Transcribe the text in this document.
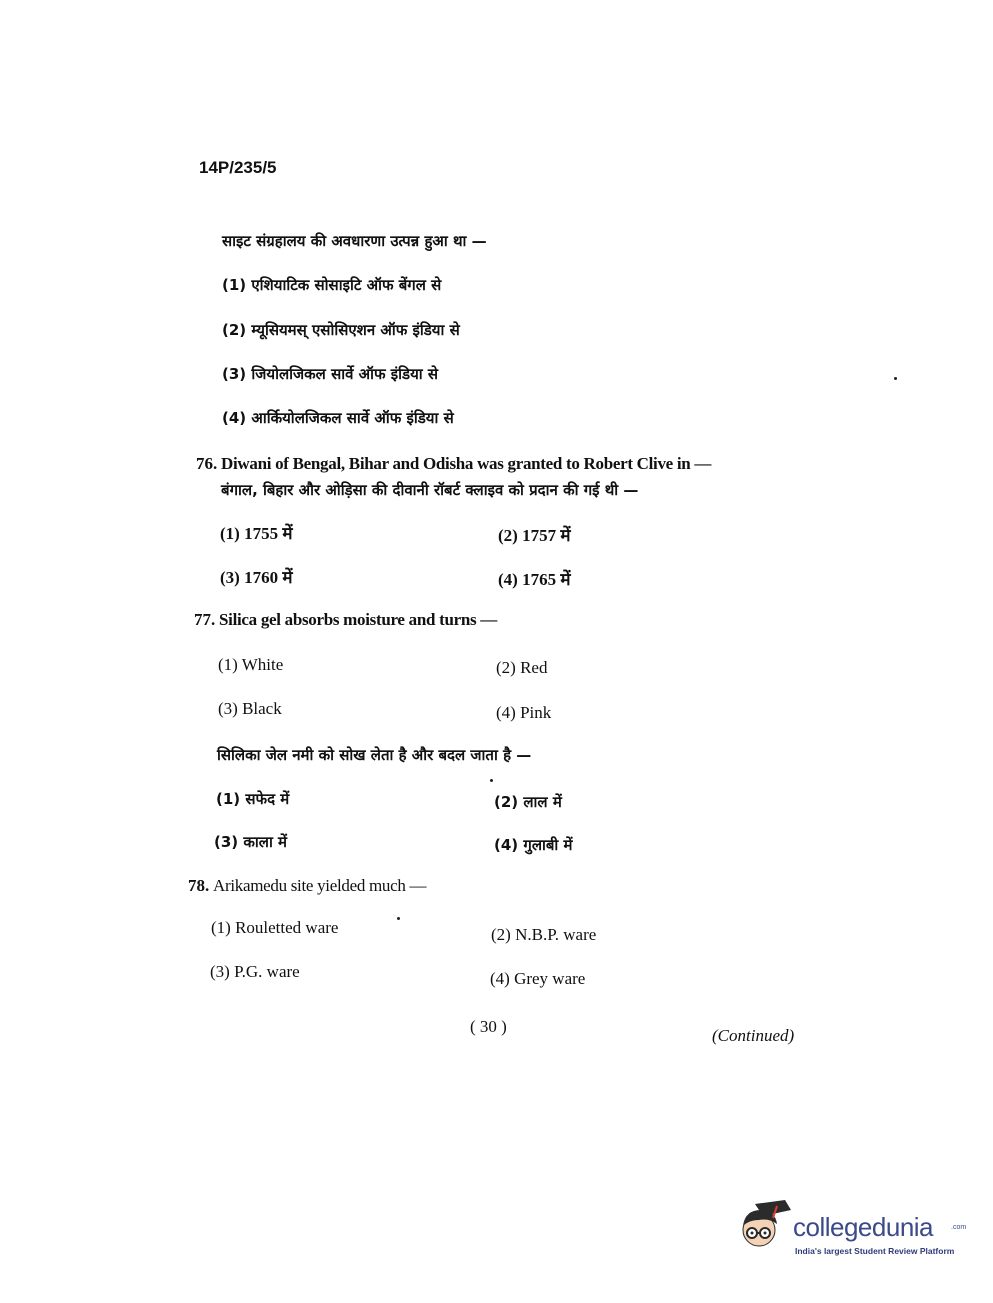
14P/235/5
साइट संग्रहालय की अवधारणा उत्पन्न हुआ था —
(1) एशियाटिक सोसाइटि ऑफ बेंगल से
(2) म्यूसियमस् एसोसिएशन ऑफ इंडिया से
(3) जियोलजिकल सार्वे ऑफ इंडिया से
(4) आर्कियोलजिकल सार्वे ऑफ इंडिया से
76. Diwani of Bengal, Bihar and Odisha was granted to Robert Clive in —
बंगाल, बिहार और ओड़िसा की दीवानी रॉबर्ट क्लाइव को प्रदान की गई थी —
(1) 1755 में	(2) 1757 में
(3) 1760 में	(4) 1765 में
77. Silica gel absorbs moisture and turns —
(1) White	(2) Red
(3) Black	(4) Pink
सिलिका जेल नमी को सोख लेता है और बदल जाता है —
(1) सफेद में	(2) लाल में
(3) काला में	(4) गुलाबी में
78. Arikamedu site yielded much —
(1) Rouletted ware	(2) N.B.P. ware
(3) P.G. ware	(4) Grey ware
( 30 )	(Continued)
collegedunia	.com
India's largest Student Review Platform
